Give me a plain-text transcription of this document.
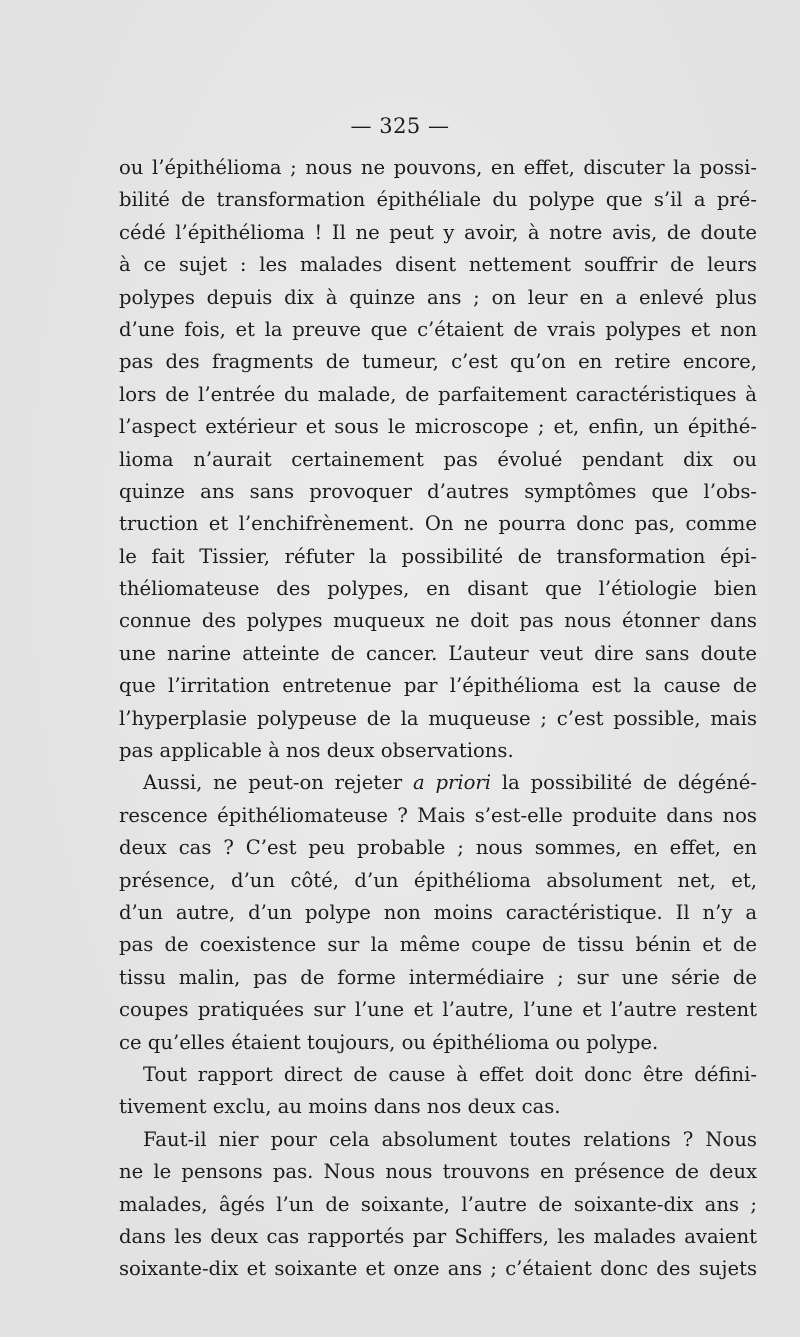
— 325 —
ou l’épithélioma ; nous ne pouvons, en effet, discuter la possi-
bilité de transformation épithéliale du polype que s’il a pré-
cédé l’épithélioma ! Il ne peut y avoir, à notre avis, de doute
à ce sujet : les malades disent nettement souffrir de leurs
polypes depuis dix à quinze ans ; on leur en a enlevé plus
d’une fois, et la preuve que c’étaient de vrais polypes et non
pas des fragments de tumeur, c’est qu’on en retire encore,
lors de l’entrée du malade, de parfaitement caractéristiques à
l’aspect extérieur et sous le microscope ; et, enfin, un épithé-
lioma n’aurait certainement pas évolué pendant dix ou
quinze ans sans provoquer d’autres symptômes que l’obs-
truction et l’enchifrènement. On ne pourra donc pas, comme
le fait Tissier, réfuter la possibilité de transformation épi-
théliomateuse des polypes, en disant que l’étiologie bien
connue des polypes muqueux ne doit pas nous étonner dans
une narine atteinte de cancer. L’auteur veut dire sans doute
que l’irritation entretenue par l’épithélioma est la cause de
l’hyperplasie polypeuse de la muqueuse ; c’est possible, mais
pas applicable à nos deux observations.
Aussi, ne peut-on rejeter a priori la possibilité de dégéné-
rescence épithéliomateuse ? Mais s’est-elle produite dans nos
deux cas ? C’est peu probable ; nous sommes, en effet, en
présence, d’un côté, d’un épithélioma absolument net, et,
d’un autre, d’un polype non moins caractéristique. Il n’y a
pas de coexistence sur la même coupe de tissu bénin et de
tissu malin, pas de forme intermédiaire ; sur une série de
coupes pratiquées sur l’une et l’autre, l’une et l’autre restent
ce qu’elles étaient toujours, ou épithélioma ou polype.
Tout rapport direct de cause à effet doit donc être défini-
tivement exclu, au moins dans nos deux cas.
Faut-il nier pour cela absolument toutes relations ? Nous
ne le pensons pas. Nous nous trouvons en présence de deux
malades, âgés l’un de soixante, l’autre de soixante-dix ans ;
dans les deux cas rapportés par Schiffers, les malades avaient
soixante-dix et soixante et onze ans ; c’étaient donc des sujets
